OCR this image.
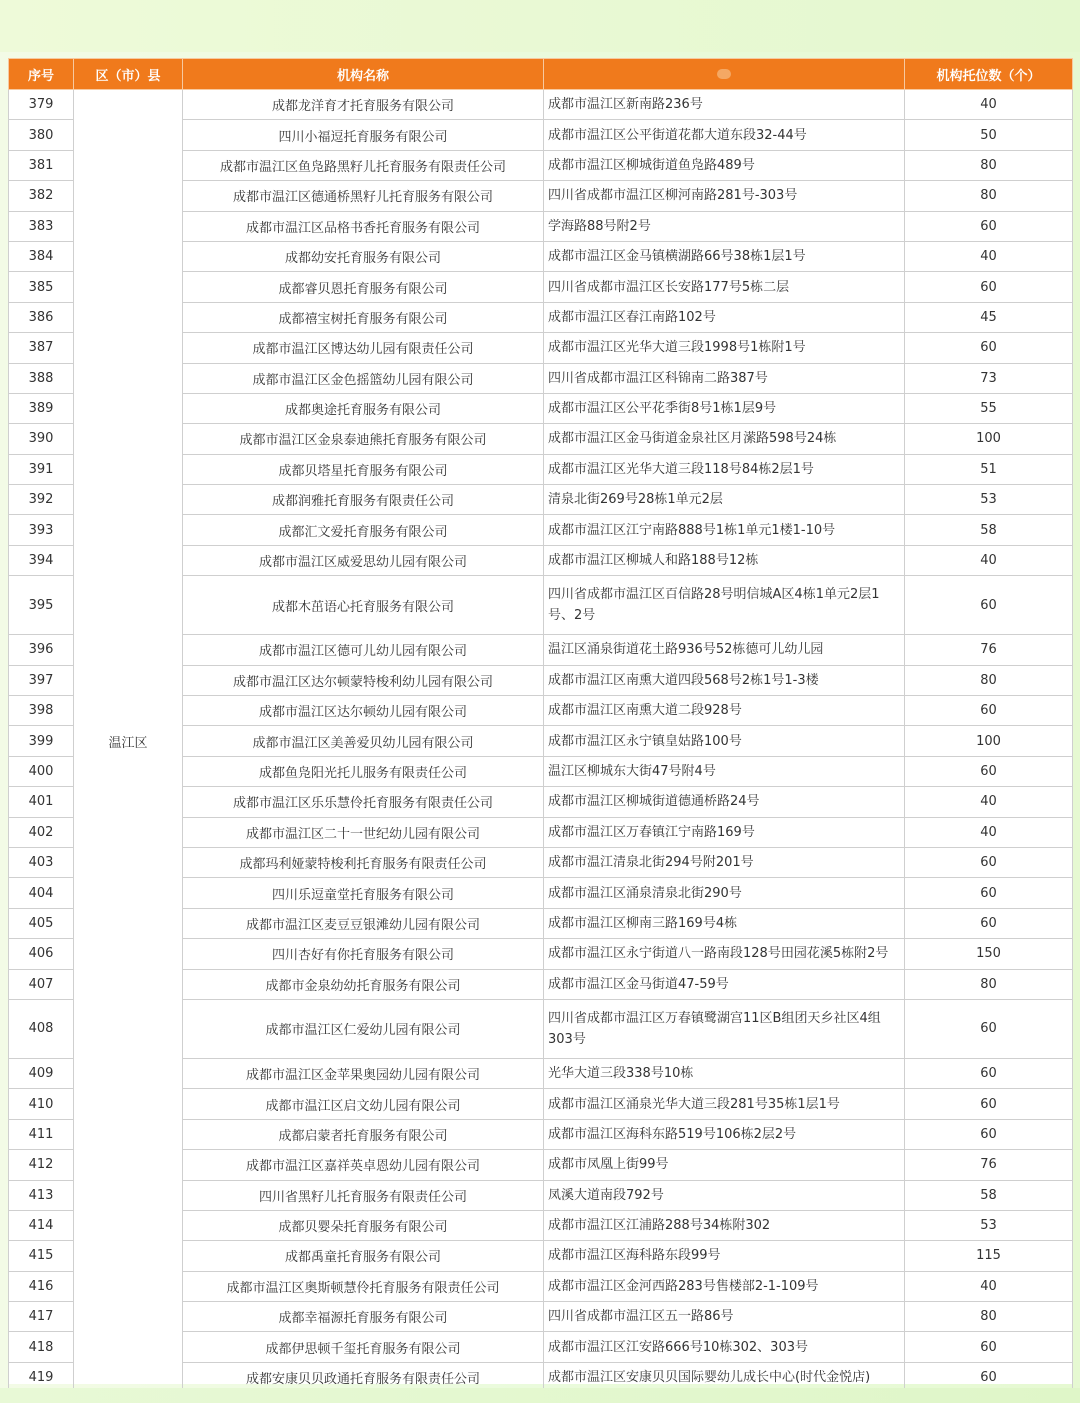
序号	区（市）县	机构名称		机构托位数（个）
379	温江区	成都龙洋育才托育服务有限公司	成都市温江区新南路236号	40
380		四川小福逗托育服务有限公司	成都市温江区公平街道花都大道东段32-44号	50
381		成都市温江区鱼凫路黑籽儿托育服务有限责任公司	成都市温江区柳城街道鱼凫路489号	80
382		成都市温江区德通桥黑籽儿托育服务有限公司	四川省成都市温江区柳河南路281号-303号	80
383		成都市温江区品格书香托育服务有限公司	学海路88号附2号	60
384		成都幼安托育服务有限公司	成都市温江区金马镇横湖路66号38栋1层1号	40
385		成都睿贝恩托育服务有限公司	四川省成都市温江区长安路177号5栋二层	60
386		成都禧宝树托育服务有限公司	成都市温江区春江南路102号	45
387		成都市温江区博达幼儿园有限责任公司	成都市温江区光华大道三段1998号1栋附1号	60
388		成都市温江区金色摇篮幼儿园有限公司	四川省成都市温江区科锦南二路387号	73
389		成都奥途托育服务有限公司	成都市温江区公平花季街8号1栋1层9号	55
390		成都市温江区金泉泰迪熊托育服务有限公司	成都市温江区金马街道金泉社区月潆路598号24栋	100
391		成都贝塔星托育服务有限公司	成都市温江区光华大道三段118号84栋2层1号	51
392		成都润雅托育服务有限责任公司	清泉北街269号28栋1单元2层	53
393		成都汇文爱托育服务有限公司	成都市温江区江宁南路888号1栋1单元1楼1-10号	58
394		成都市温江区威爱思幼儿园有限公司	成都市温江区柳城人和路188号12栋	40
395		成都木茁语心托育服务有限公司	四川省成都市温江区百信路28号明信城A区4栋1单元2层1号、2号	60
396		成都市温江区德可儿幼儿园有限公司	温江区涌泉街道花土路936号52栋德可儿幼儿园	76
397		成都市温江区达尔顿蒙特梭利幼儿园有限公司	成都市温江区南熏大道四段568号2栋1号1-3楼	80
398		成都市温江区达尔顿幼儿园有限公司	成都市温江区南熏大道二段928号	60
399		成都市温江区美善爱贝幼儿园有限公司	成都市温江区永宁镇皇姑路100号	100
400		成都鱼凫阳光托儿服务有限责任公司	温江区柳城东大街47号附4号	60
401		成都市温江区乐乐慧伶托育服务有限责任公司	成都市温江区柳城街道德通桥路24号	40
402		成都市温江区二十一世纪幼儿园有限公司	成都市温江区万春镇江宁南路169号	40
403		成都玛利娅蒙特梭利托育服务有限责任公司	成都市温江清泉北街294号附201号	60
404		四川乐逗童堂托育服务有限公司	成都市温江区涌泉清泉北街290号	60
405		成都市温江区麦豆豆银滩幼儿园有限公司	成都市温江区柳南三路169号4栋	60
406		四川杏好有你托育服务有限公司	成都市温江区永宁街道八一路南段128号田园花溪5栋附2号	150
407		成都市金泉幼幼托育服务有限公司	成都市温江区金马街道47-59号	80
408		成都市温江区仁爱幼儿园有限公司	四川省成都市温江区万春镇鹭湖宫11区B组团天乡社区4组303号	60
409		成都市温江区金苹果奥园幼儿园有限公司	光华大道三段338号10栋	60
410		成都市温江区启文幼儿园有限公司	成都市温江区涌泉光华大道三段281号35栋1层1号	60
411		成都启蒙者托育服务有限公司	成都市温江区海科东路519号106栋2层2号	60
412		成都市温江区嘉祥英卓恩幼儿园有限公司	成都市凤凰上街99号	76
413		四川省黑籽儿托育服务有限责任公司	凤溪大道南段792号	58
414		成都贝婴朵托育服务有限公司	成都市温江区江浦路288号34栋附302	53
415		成都禹童托育服务有限公司	成都市温江区海科路东段99号	115
416		成都市温江区奥斯顿慧伶托育服务有限责任公司	成都市温江区金河西路283号售楼部2-1-109号	40
417		成都幸福源托育服务有限公司	四川省成都市温江区五一路86号	80
418		成都伊思顿千玺托育服务有限公司	成都市温江区江安路666号10栋302、303号	60
419		成都安康贝贝政通托育服务有限责任公司	成都市温江区安康贝贝国际婴幼儿成长中心(时代金悦店)	60
